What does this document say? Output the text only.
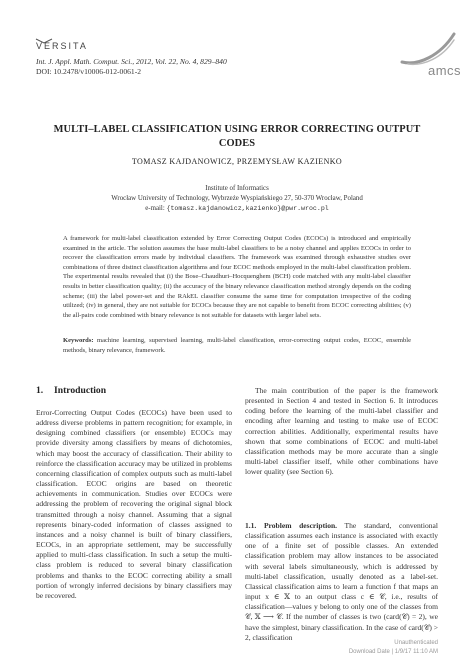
VERSITA
Int. J. Appl. Math. Comput. Sci., 2012, Vol. 22, No. 4, 829–840
DOI: 10.2478/v10006-012-0061-2	amcs
MULTI–LABEL CLASSIFICATION USING ERROR CORRECTING OUTPUT CODES
TOMASZ KAJDANOWICZ, PRZEMYSŁAW KAZIENKO
Institute of Informatics
Wrocław University of Technology, Wybrzeże Wyspiańskiego 27, 50-370 Wrocław, Poland
e-mail: {tomasz.kajdanowicz,kazienko}@pwr.wroc.pl
A framework for multi-label classification extended by Error Correcting Output Codes (ECOCs) is introduced and empirically examined in the article. The solution assumes the base multi-label classifiers to be a noisy channel and applies ECOCs in order to recover the classification errors made by individual classifiers. The framework was examined through exhaustive studies over combinations of three distinct classification algorithms and four ECOC methods employed in the multi-label classification problem. The experimental results revealed that (i) the Bose–Chaudhuri–Hocquenghem (BCH) code matched with any multi-label classifier results in better classification quality; (ii) the accuracy of the binary relevance classification method strongly depends on the coding scheme; (iii) the label power-set and the RAkEL classifier consume the same time for computation irrespective of the coding utilized; (iv) in general, they are not suitable for ECOCs because they are not capable to benefit from ECOC correcting abilities; (v) the all-pairs code combined with binary relevance is not suitable for datasets with larger label sets.
Keywords: machine learning, supervised learning, multi-label classification, error-correcting output codes, ECOC, ensemble methods, binary relevance, framework.
1. Introduction
Error-Correcting Output Codes (ECOCs) have been used to address diverse problems in pattern recognition; for example, in designing combined classifiers (or ensemble) ECOCs may provide diversity among classifiers by means of dichotomies, which may boost the accuracy of classification. Their ability to reinforce the classification accuracy may be utilized in problems concerning classification of complex outputs such as multi-label classification. ECOC origins are based on theoretic achievements in communication. Studies over ECOCs were addressing the problem of recovering the original signal block transmitted through a noisy channel. Assuming that a signal represents binary-coded information of classes assigned to instances and a noisy channel is built of binary classifiers, ECOCs, in an appropriate settlement, may be successfully applied to multi-class classification. In such a setup the multi-class problem is reduced to several binary classification problems and thanks to the ECOC correcting ability a small portion of wrongly inferred decisions by binary classifiers may be recovered.
The main contribution of the paper is the framework presented in Section 4 and tested in Section 6. It introduces coding before the learning of the multi-label classifier and encoding after learning and testing to make use of ECOC correction abilities. Additionally, experimental results have shown that some combinations of ECOC and multi-label classification methods may be more accurate than a single multi-label classifier itself, while other combinations have lower quality (see Section 6).
1.1. Problem description. The standard, conventional classification assumes each instance is associated with exactly one of a finite set of possible classes. An extended classification problem may allow instances to be associated with several labels simultaneously, which is addressed by multi-label classification, usually denoted as a label-set. Classical classification aims to learn a function f that maps an input x ∈ 𝕏 to an output class c ∈ 𝒞, i.e., results of classification—values y belong to only one of the classes from 𝒞, 𝕏 ⟶ 𝒞. If the number of classes is two (card(𝒞) = 2), we have the simplest, binary classification. In the case of card(𝒞) > 2, classification
Unauthenticated
Download Date | 1/9/17 11:10 AM
